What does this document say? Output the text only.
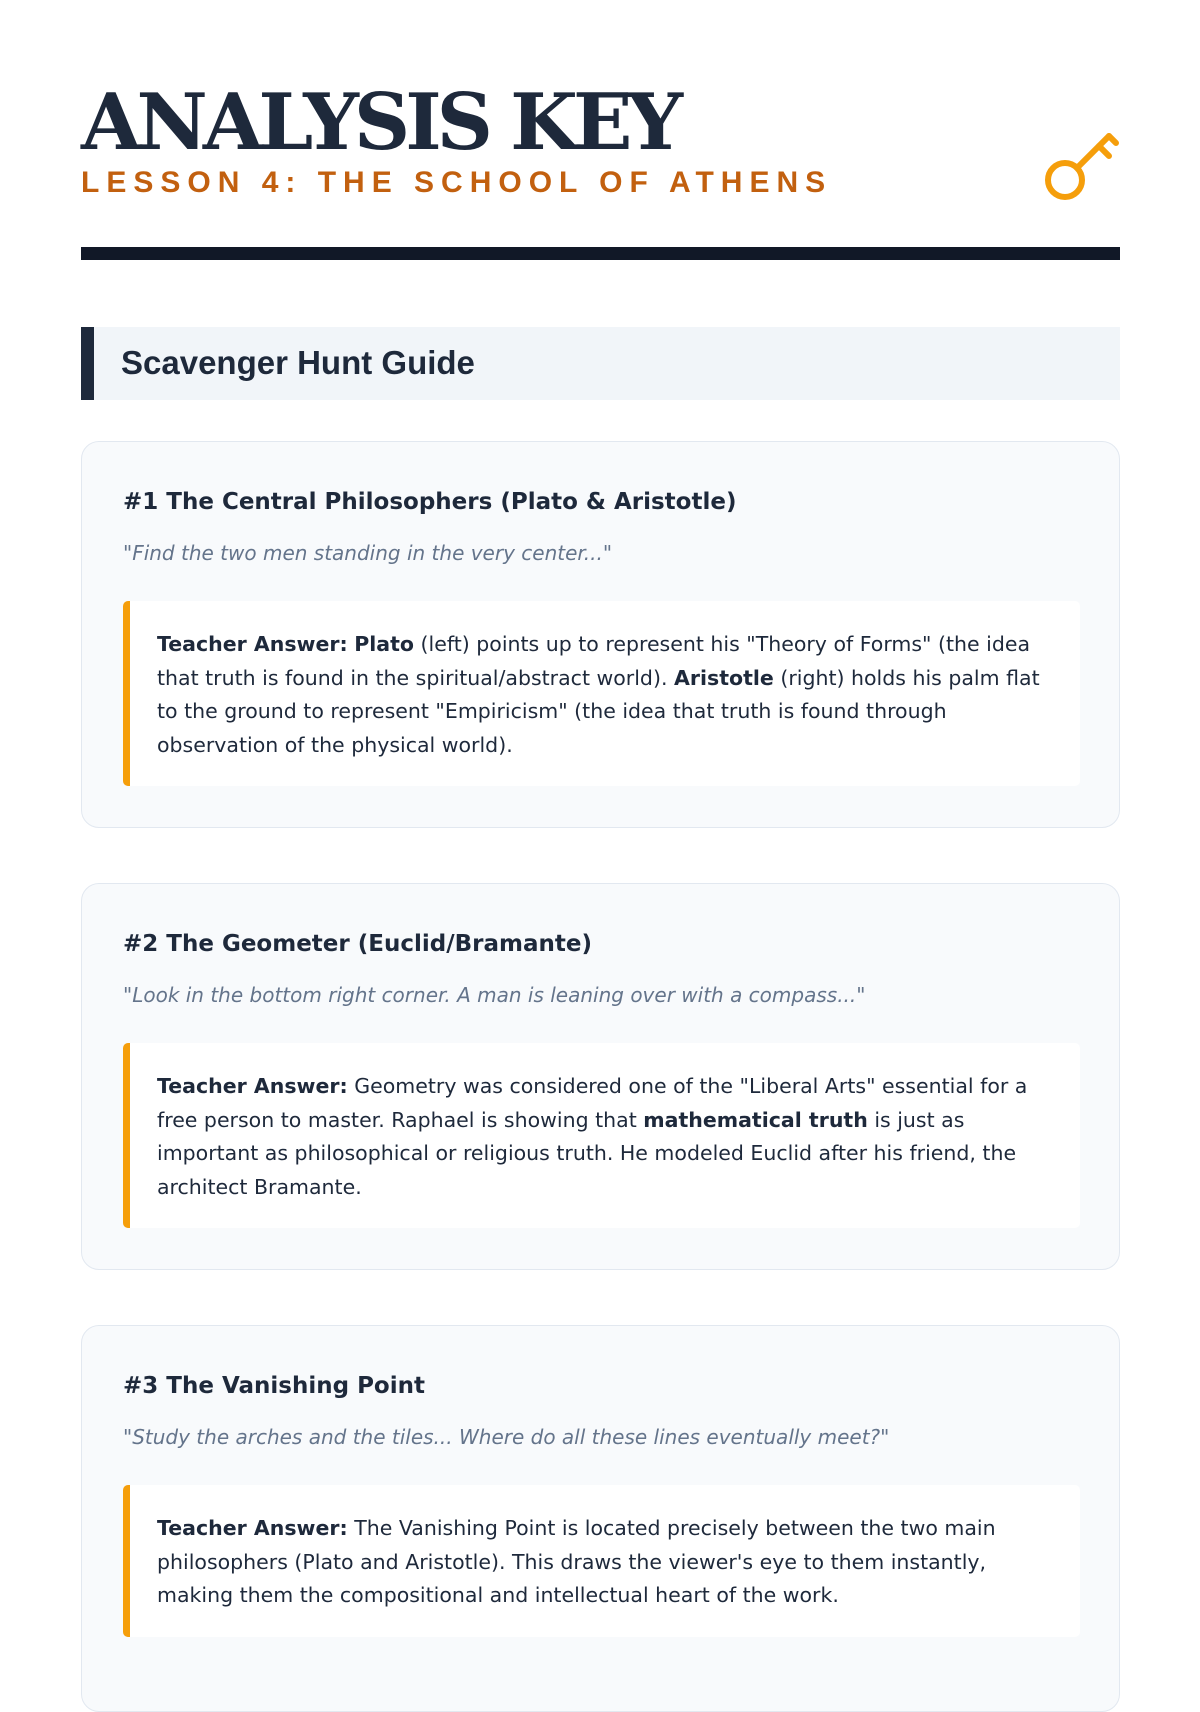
ANALYSIS KEY
LESSON 4: THE SCHOOL OF ATHENS
Scavenger Hunt Guide
#1 The Central Philosophers (Plato & Aristotle)

"Find the two men standing in the very center..."

Teacher Answer: Plato (left) points up to represent his "Theory of Forms" (the idea that truth is found in the spiritual/abstract world). Aristotle (right) holds his palm flat to the ground to represent "Empiricism" (the idea that truth is found through observation of the physical world).
#2 The Geometer (Euclid/Bramante)

"Look in the bottom right corner. A man is leaning over with a compass..."

Teacher Answer: Geometry was considered one of the "Liberal Arts" essential for a free person to master. Raphael is showing that mathematical truth is just as important as philosophical or religious truth. He modeled Euclid after his friend, the architect Bramante.
#3 The Vanishing Point

"Study the arches and the tiles... Where do all these lines eventually meet?"

Teacher Answer: The Vanishing Point is located precisely between the two main philosophers (Plato and Aristotle). This draws the viewer's eye to them instantly, making them the compositional and intellectual heart of the work.
